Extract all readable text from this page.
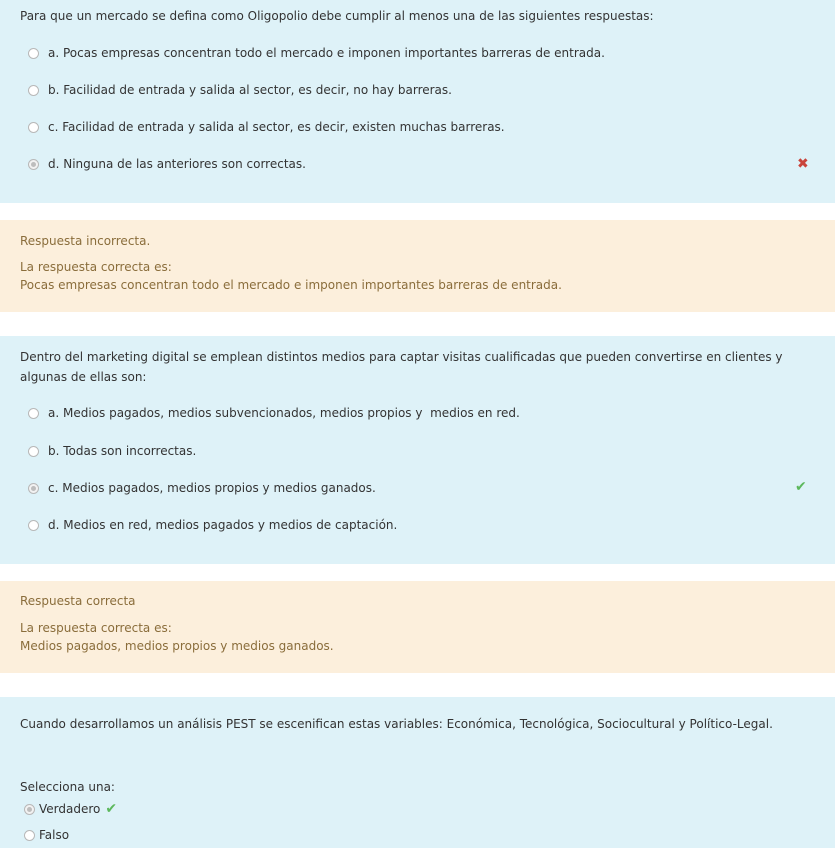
Para que un mercado se defina como Oligopolio debe cumplir al menos una de las siguientes respuestas:
a. Pocas empresas concentran todo el mercado e imponen importantes barreras de entrada.
b. Facilidad de entrada y salida al sector, es decir, no hay barreras.
c. Facilidad de entrada y salida al sector, es decir, existen muchas barreras.
d. Ninguna de las anteriores son correctas.	✖
Respuesta incorrecta.
La respuesta correcta es:
Pocas empresas concentran todo el mercado e imponen importantes barreras de entrada.
Dentro del marketing digital se emplean distintos medios para captar visitas cualificadas que pueden convertirse en clientes y algunas de ellas son:
a. Medios pagados, medios subvencionados, medios propios y  medios en red.
b. Todas son incorrectas.
c. Medios pagados, medios propios y medios ganados.
d. Medios en red, medios pagados y medios de captación.
✔
Respuesta correcta
La respuesta correcta es:
Medios pagados, medios propios y medios ganados.
Cuando desarrollamos un análisis PEST se escenifican estas variables: Económica, Tecnológica, Sociocultural y Político-Legal.
Selecciona una:
Verdadero ✔
Falso
